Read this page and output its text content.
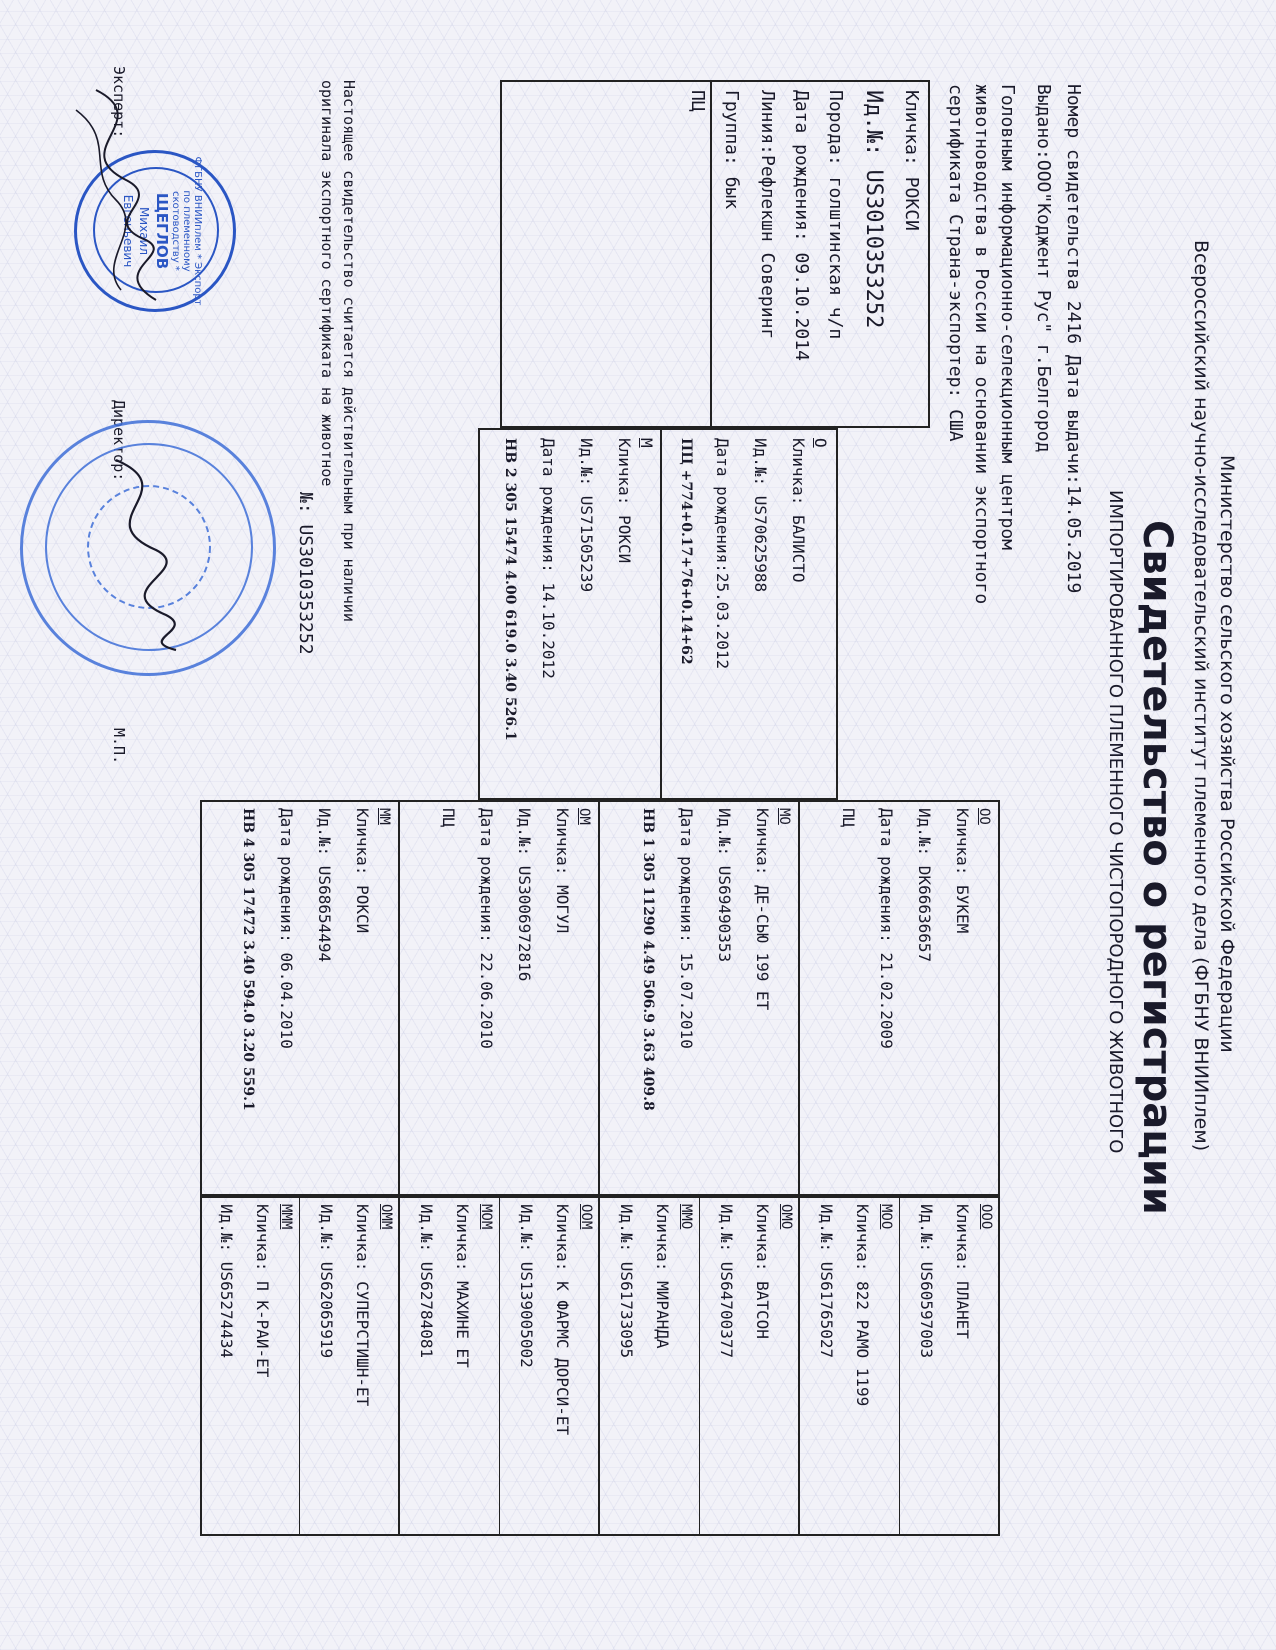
Министерство сельского хозяйства Российской Федерации
Всероссийский научно-исследовательский институт племенного дела (ФГБНУ ВНИИплем)
Свидетельство о регистрации
ИМПОРТИРОВАННОГО ПЛЕМЕННОГО ЧИСТОПОРОДНОГО ЖИВОТНОГО
Номер свидетельства 2416 Дата выдачи:14.05.2019
Выдано:ООО"Коджент Рус" г.Белгород
Головным информационно-селекционным центром
животноводства в России на основании экспортного
сертификата Страна-экспортер: США
Кличка: РОКСИ
Ид.№: US3010353252
Порода: голштинская ч/п
Дата рождения: 09.10.2014
Линия:Рефлекшн Соверинг
Группа: бык
ПЦ
О
Кличка: БАЛИСТО
Ид.№: US70625988
Дата рождения:25.03.2012
ПЦ +774+0.17+76+0.14+62
М
Кличка: РОКСИ
Ид.№: US71505239
Дата рождения: 14.10.2012
НВ 2 305 15474 4.00 619.0 3.40 526.1
ОО
Кличка: БУКЕМ
Ид.№: DK66636657
Дата рождения: 21.02.2009
ПЦ
МО
Кличка: ДЕ-СЬЮ 199 ЕТ
Ид.№: US69490353
Дата рождения: 15.07.2010
НВ 1 305 11290 4.49 506.9 3.63 409.8
ОМ
Кличка: МОГУЛ
Ид.№: US3006972816
Дата рождения: 22.06.2010
ПЦ
ММ
Кличка: РОКСИ
Ид.№: US68654494
Дата рождения: 06.04.2010
НВ 4 305 17472 3.40 594.0 3.20 559.1
ООО
Кличка: ПЛАНЕТ
Ид.№: US60597003
МОО
Кличка: 822 РАМО 1199
Ид.№: US61765027
ОМО
Кличка: ВАТСОН
Ид.№: US64700377
ММО
Кличка: МИРАНДА
Ид.№: US61733095
ООМ
Кличка: К ФАРМС ДОРСИ-ЕТ
Ид.№: US139005002
МОМ
Кличка: МАХИНЕ ЕТ
Ид.№: US62784081
ОММ
Кличка: СУПЕРСТИШН-ЕТ
Ид.№: US62065919
МММ
Кличка: П К-РАИ-ЕТ
Ид.№: US65274434
Настоящее свидетельство считается действительным при наличии
оригинала экспортного сертификата на животное
№: US3010353252
Эксперт:
Директор:
М.П.
ФГБНУ ВНИИплем * Экспорт по племенному скотоводству *
ЩЕГЛОВ
Михаил
Евгеньевич
